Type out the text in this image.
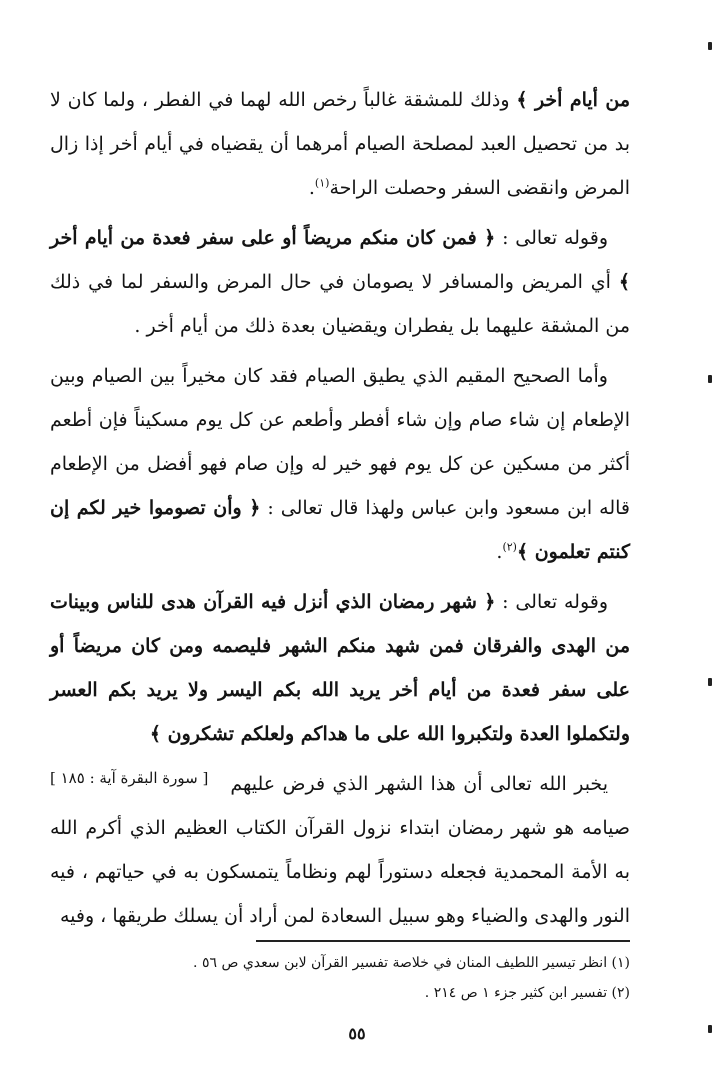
من أيام أخر ﴾ وذلك للمشقة غالباً رخص الله لهما في الفطر ، ولما كان لا بد من تحصيل العبد لمصلحة الصيام أمرهما أن يقضياه في أيام أخر إذا زال المرض وانقضى السفر وحصلت الراحة$^{(١)}$.

وقوله تعالى : ﴿ فمن كان منكم مريضاً أو على سفر فعدة من أيام أخر ﴾ أي المريض والمسافر لا يصومان في حال المرض والسفر لما في ذلك من المشقة عليهما بل يفطران ويقضيان بعدة ذلك من أيام أخر .

وأما الصحيح المقيم الذي يطيق الصيام فقد كان مخيراً بين الصيام وبين الإطعام إن شاء صام وإن شاء أفطر وأطعم عن كل يوم مسكيناً فإن أطعم أكثر من مسكين عن كل يوم فهو خير له وإن صام فهو أفضل من الإطعام قاله ابن مسعود وابن عباس ولهذا قال تعالى : ﴿ وأن تصوموا خير لكم إن كنتم تعلمون ﴾$^{(٢)}$.

وقوله تعالى : ﴿ شهر رمضان الذي أنزل فيه القرآن هدى للناس وبينات من الهدى والفرقان فمن شهد منكم الشهر فليصمه ومن كان مريضاً أو على سفر فعدة من أيام أخر يريد الله بكم اليسر ولا يريد بكم العسر ولتكملوا العدة ولتكبروا الله على ما هداكم ولعلكم تشكرون ﴾
[ سورة البقرة آية : ١٨٥ ]	يخبر الله تعالى أن هذا الشهر الذي فرض عليهم صيامه هو شهر رمضان ابتداء نزول القرآن الكتاب العظيم الذي أكرم الله به الأمة المحمدية فجعله دستوراً لهم ونظاماً يتمسكون به في حياتهم ، فيه النور والهدى والضياء وهو سبيل السعادة لمن أراد أن يسلك طريقها ، وفيه

(١) انظر تيسير اللطيف المنان في خلاصة تفسير القرآن لابن سعدي ص ٥٦ .

(٢) تفسير ابن كثير جزء ١ ص ٢١٤ .

٥٥
